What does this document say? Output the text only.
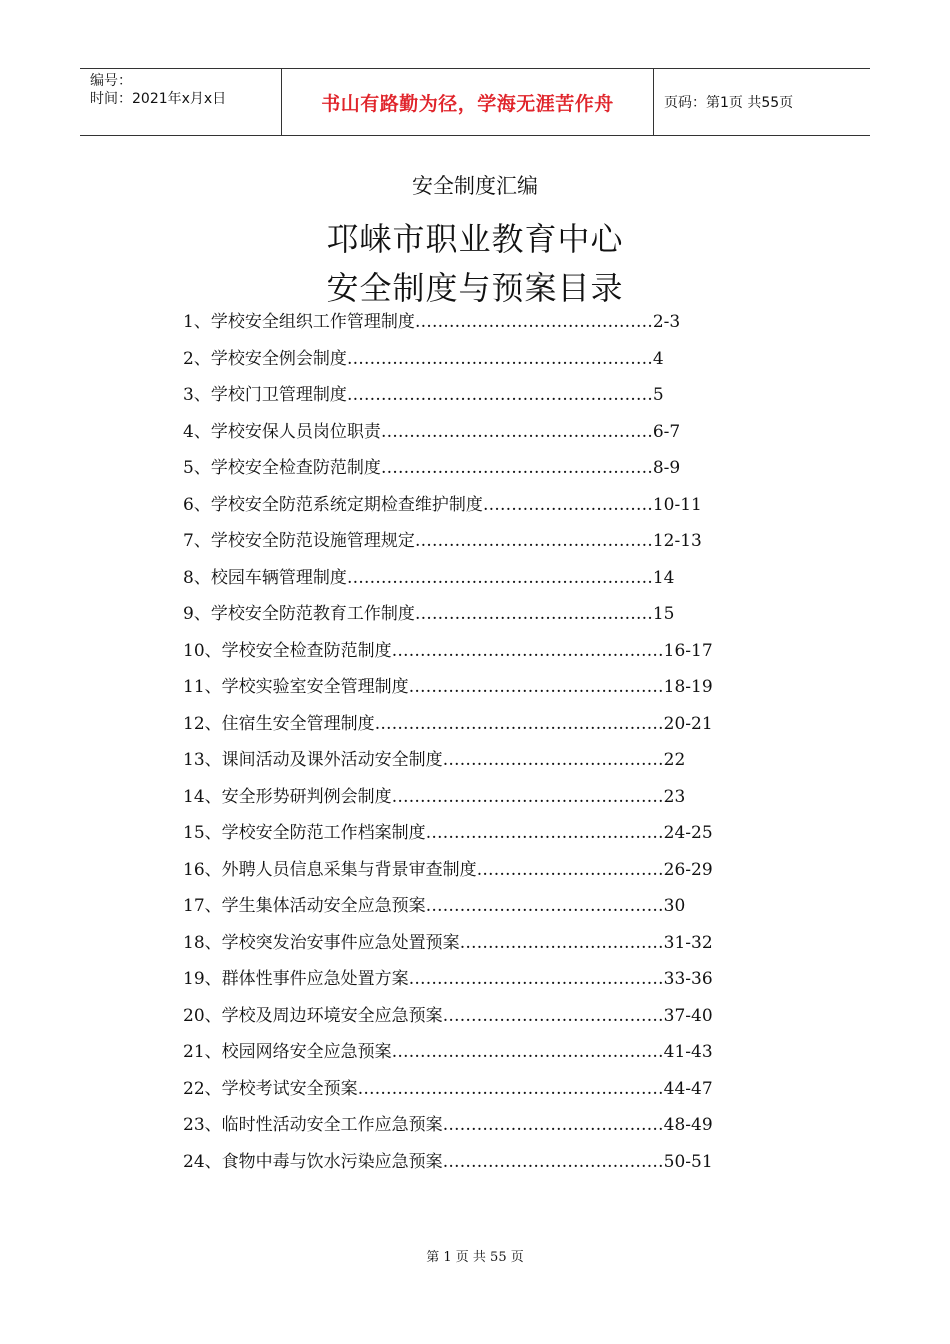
编号：
时间：2021年x月x日	书山有路勤为径，学海无涯苦作舟	页码：第1页 共55页
安全制度汇编
邛崃市职业教育中心
安全制度与预案目录
1、学校安全组织工作管理制度……………………………………2-3
2、学校安全例会制度………………………………………………4
3、学校门卫管理制度………………………………………………5
4、学校安保人员岗位职责…………………………………………6-7
5、学校安全检查防范制度…………………………………………8-9
6、学校安全防范系统定期检查维护制度…………………………10-11
7、学校安全防范设施管理规定……………………………………12-13
8、校园车辆管理制度………………………………………………14
9、学校安全防范教育工作制度……………………………………15
10、学校安全检查防范制度…………………………………………16-17
11、学校实验室安全管理制度………………………………………18-19
12、住宿生安全管理制度……………………………………………20-21
13、课间活动及课外活动安全制度…………………………………22
14、安全形势研判例会制度…………………………………………23
15、学校安全防范工作档案制度……………………………………24-25
16、外聘人员信息采集与背景审查制度……………………………26-29
17、学生集体活动安全应急预案……………………………………30
18、学校突发治安事件应急处置预案………………………………31-32
19、群体性事件应急处置方案………………………………………33-36
20、学校及周边环境安全应急预案…………………………………37-40
21、校园网络安全应急预案…………………………………………41-43
22、学校考试安全预案………………………………………………44-47
23、临时性活动安全工作应急预案…………………………………48-49
24、食物中毒与饮水污染应急预案…………………………………50-51
第 1 页 共 55 页
